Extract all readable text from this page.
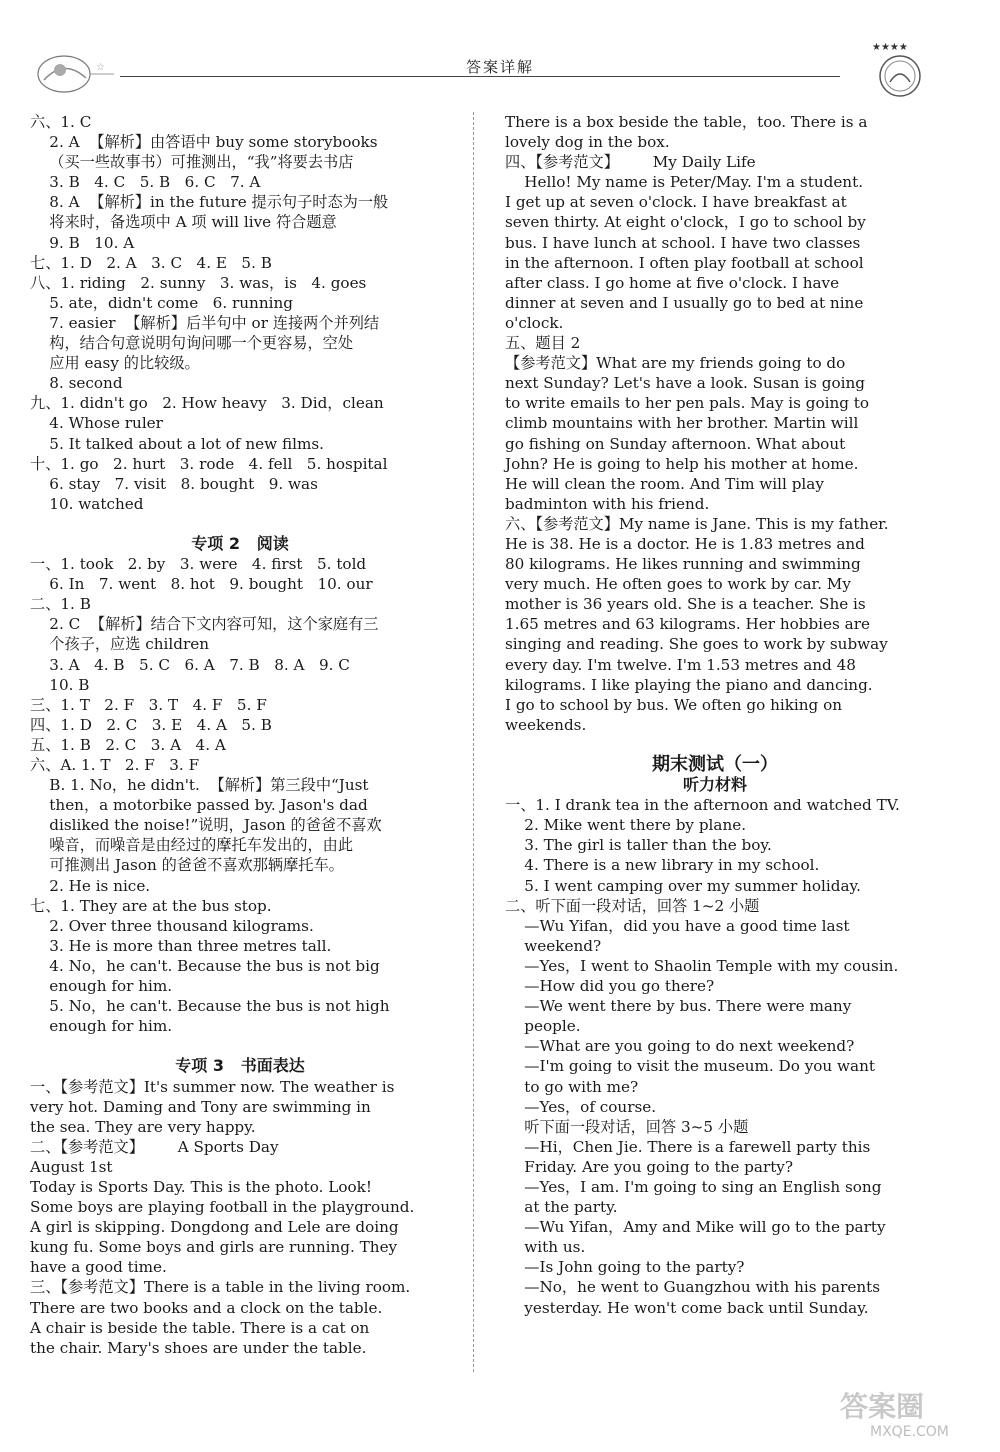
☆	答案详解
★★★★
六、1. C
2. A  【解析】由答语中 buy some storybooks
（买一些故事书）可推测出，“我”将要去书店
3. B   4. C   5. B   6. C   7. A
8. A  【解析】in the future 提示句子时态为一般
将来时，备选项中 A 项 will live 符合题意
9. B   10. A
七、1. D   2. A   3. C   4. E   5. B
八、1. riding   2. sunny   3. was，is   4. goes
5. ate，didn't come   6. running
7. easier  【解析】后半句中 or 连接两个并列结
构，结合句意说明句询问哪一个更容易，空处
应用 easy 的比较级。
8. second
九、1. didn't go   2. How heavy   3. Did，clean
4. Whose ruler
5. It talked about a lot of new films.
十、1. go   2. hurt   3. rode   4. fell   5. hospital
6. stay   7. visit   8. bought   9. was
10. watched
专项 2   阅读
一、1. took   2. by   3. were   4. first   5. told
6. In   7. went   8. hot   9. bought   10. our
二、1. B
2. C  【解析】结合下文内容可知，这个家庭有三
个孩子，应选 children
3. A   4. B   5. C   6. A   7. B   8. A   9. C
10. B
三、1. T   2. F   3. T   4. F   5. F
四、1. D   2. C   3. E   4. A   5. B
五、1. B   2. C   3. A   4. A
六、A. 1. T   2. F   3. F
B. 1. No，he didn't.  【解析】第三段中“Just
then，a motorbike passed by. Jason's dad
disliked the noise!”说明，Jason 的爸爸不喜欢
噪音，而噪音是由经过的摩托车发出的，由此
可推测出 Jason 的爸爸不喜欢那辆摩托车。
2. He is nice.
七、1. They are at the bus stop.
2. Over three thousand kilograms.
3. He is more than three metres tall.
4. No，he can't. Because the bus is not big
enough for him.
5. No，he can't. Because the bus is not high
enough for him.
专项 3   书面表达
一、【参考范文】It's summer now. The weather is
very hot. Daming and Tony are swimming in
the sea. They are very happy.
二、【参考范文】       A Sports Day
August 1st
Today is Sports Day. This is the photo. Look!
Some boys are playing football in the playground.
A girl is skipping. Dongdong and Lele are doing
kung fu. Some boys and girls are running. They
have a good time.
三、【参考范文】There is a table in the living room.
There are two books and a clock on the table.
A chair is beside the table. There is a cat on
the chair. Mary's shoes are under the table.
There is a box beside the table，too. There is a
lovely dog in the box.
四、【参考范文】       My Daily Life
Hello! My name is Peter/May. I'm a student.
I get up at seven o'clock. I have breakfast at
seven thirty. At eight o'clock，I go to school by
bus. I have lunch at school. I have two classes
in the afternoon. I often play football at school
after class. I go home at five o'clock. I have
dinner at seven and I usually go to bed at nine
o'clock.
五、题目 2
【参考范文】What are my friends going to do
next Sunday? Let's have a look. Susan is going
to write emails to her pen pals. May is going to
climb mountains with her brother. Martin will
go fishing on Sunday afternoon. What about
John? He is going to help his mother at home.
He will clean the room. And Tim will play
badminton with his friend.
六、【参考范文】My name is Jane. This is my father.
He is 38. He is a doctor. He is 1.83 metres and
80 kilograms. He likes running and swimming
very much. He often goes to work by car. My
mother is 36 years old. She is a teacher. She is
1.65 metres and 63 kilograms. Her hobbies are
singing and reading. She goes to work by subway
every day. I'm twelve. I'm 1.53 metres and 48
kilograms. I like playing the piano and dancing.
I go to school by bus. We often go hiking on
weekends.
期末测试（一）
听力材料
一、1. I drank tea in the afternoon and watched TV.
2. Mike went there by plane.
3. The girl is taller than the boy.
4. There is a new library in my school.
5. I went camping over my summer holiday.
二、听下面一段对话，回答 1~2 小题
—Wu Yifan，did you have a good time last
weekend?
—Yes，I went to Shaolin Temple with my cousin.
—How did you go there?
—We went there by bus. There were many
people.
—What are you going to do next weekend?
—I'm going to visit the museum. Do you want
to go with me?
—Yes，of course.
听下面一段对话，回答 3~5 小题
—Hi，Chen Jie. There is a farewell party this
Friday. Are you going to the party?
—Yes，I am. I'm going to sing an English song
at the party.
—Wu Yifan，Amy and Mike will go to the party
with us.
—Is John going to the party?
—No，he went to Guangzhou with his parents
yesterday. He won't come back until Sunday.
答案圈
MXQE.COM
